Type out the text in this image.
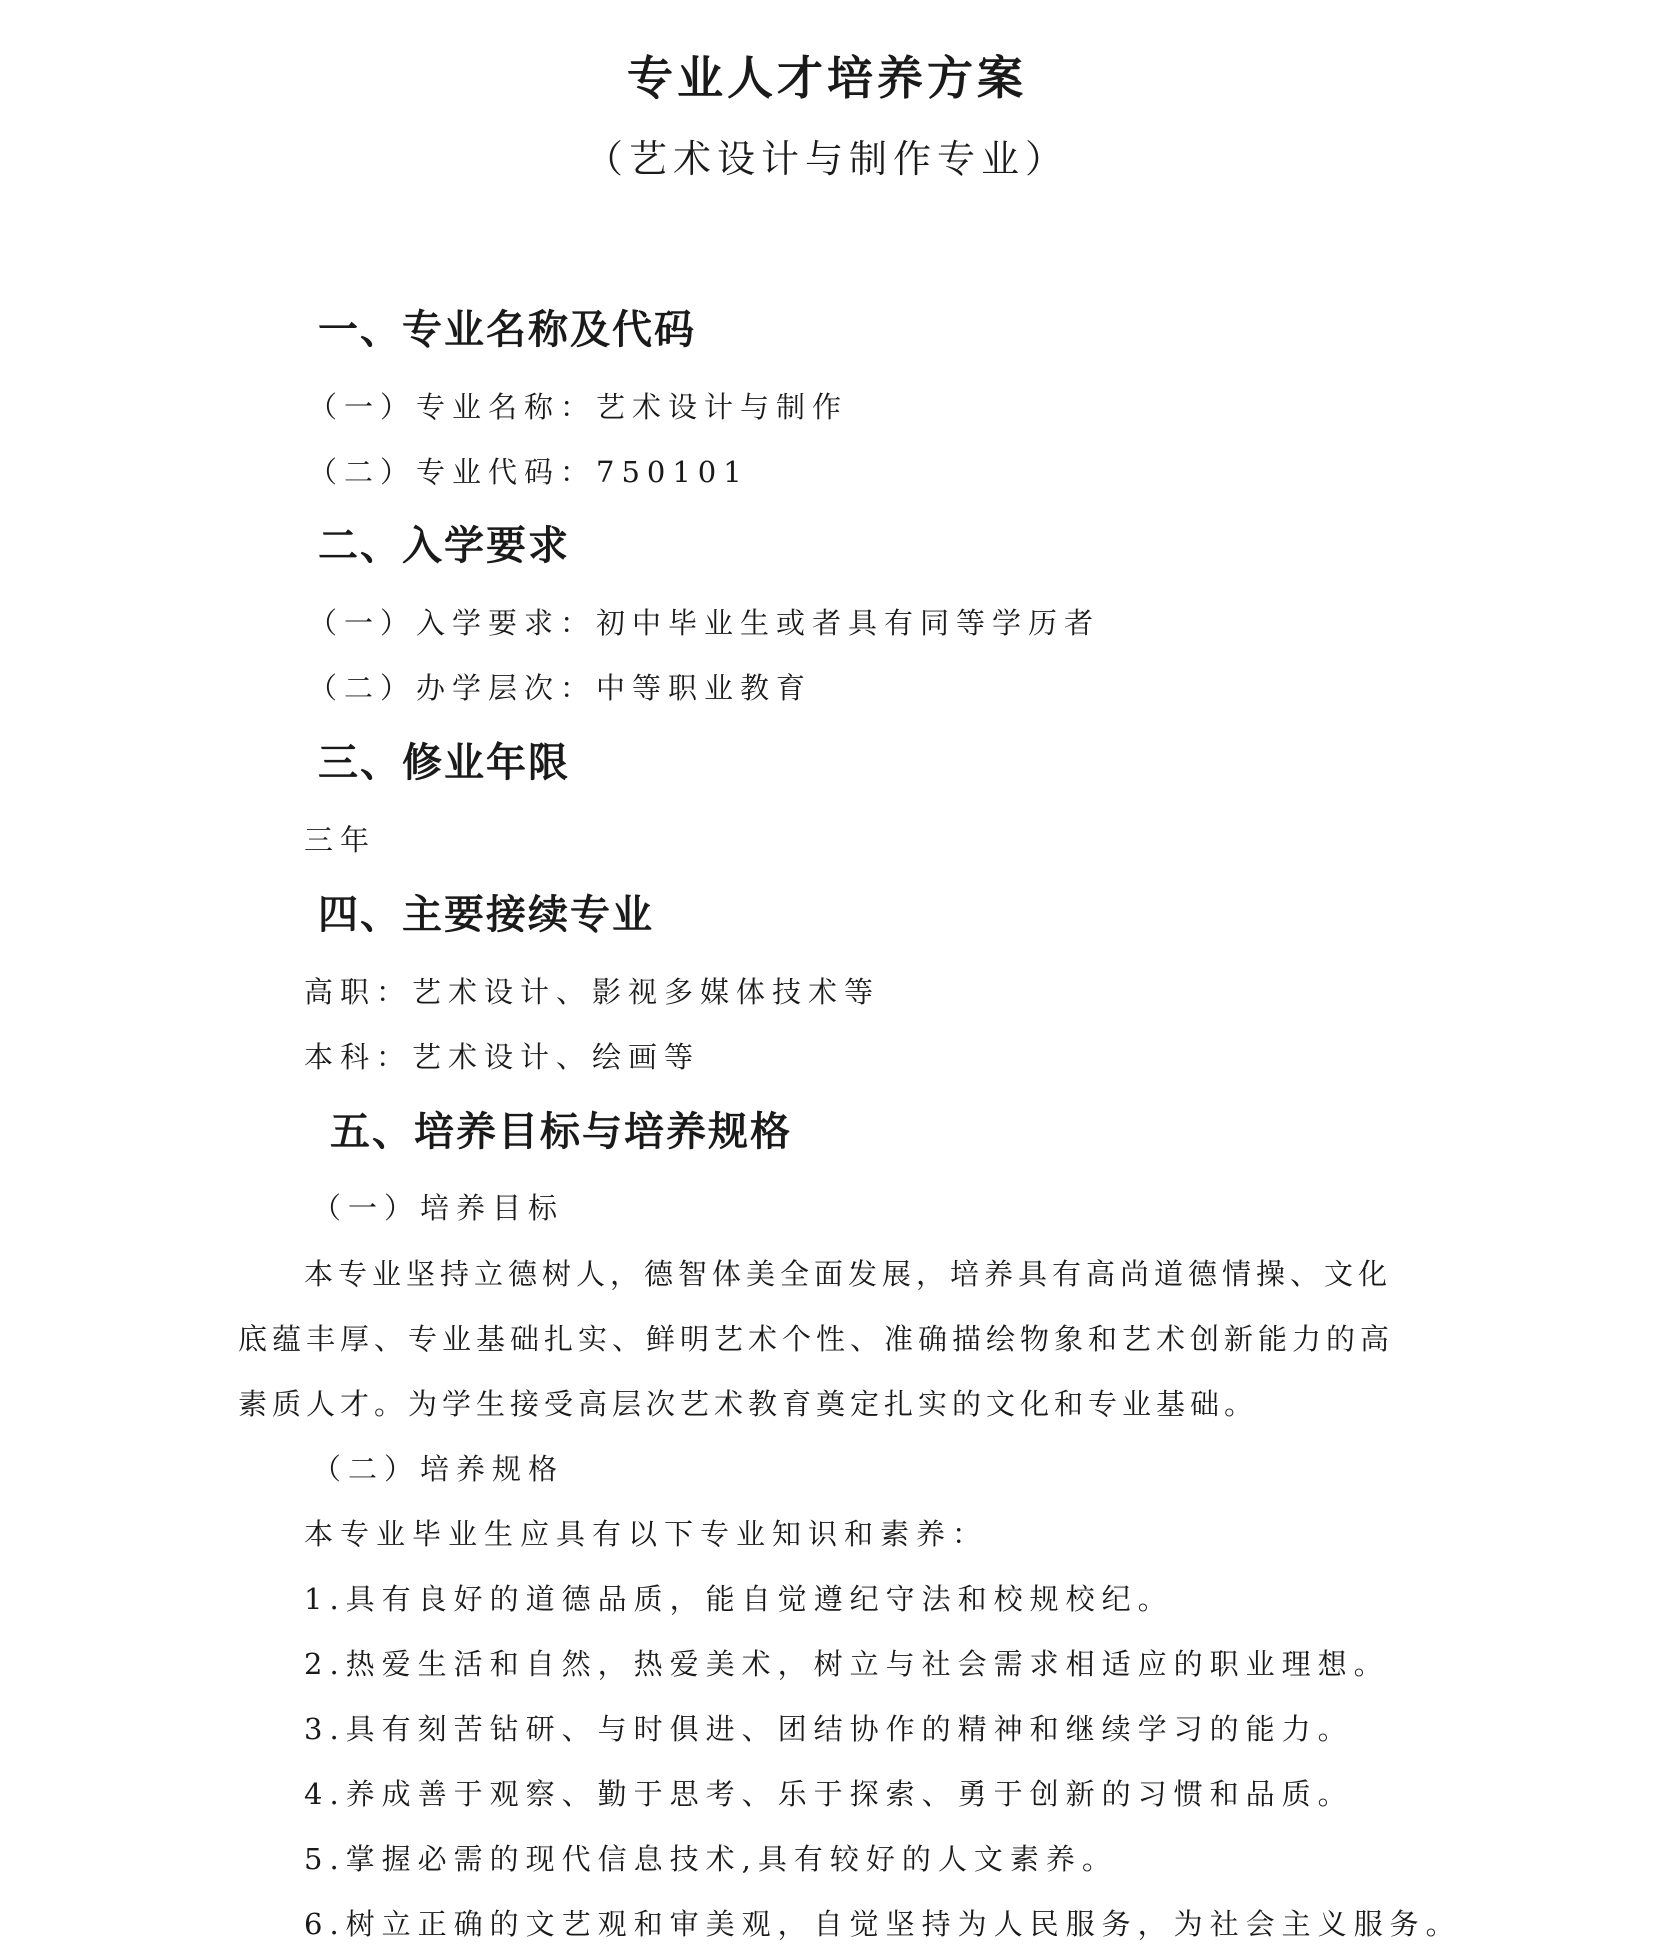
专业人才培养方案
（艺术设计与制作专业）
一、专业名称及代码
（一）专业名称：艺术设计与制作
（二）专业代码：750101
二、入学要求
（一）入学要求：初中毕业生或者具有同等学历者
（二）办学层次：中等职业教育
三、修业年限
三年
四、主要接续专业
高职：艺术设计、影视多媒体技术等
本科：艺术设计、绘画等
五、培养目标与培养规格
（一）培养目标
本专业坚持立德树人，德智体美全面发展，培养具有高尚道德情操、文化底蕴丰厚、专业基础扎实、鲜明艺术个性、准确描绘物象和艺术创新能力的高素质人才。为学生接受高层次艺术教育奠定扎实的文化和专业基础。
（二）培养规格
本专业毕业生应具有以下专业知识和素养：
1.具有良好的道德品质，能自觉遵纪守法和校规校纪。
2.热爱生活和自然，热爱美术，树立与社会需求相适应的职业理想。
3.具有刻苦钻研、与时俱进、团结协作的精神和继续学习的能力。
4.养成善于观察、勤于思考、乐于探索、勇于创新的习惯和品质。
5.掌握必需的现代信息技术,具有较好的人文素养。
6.树立正确的文艺观和审美观，自觉坚持为人民服务，为社会主义服务。
